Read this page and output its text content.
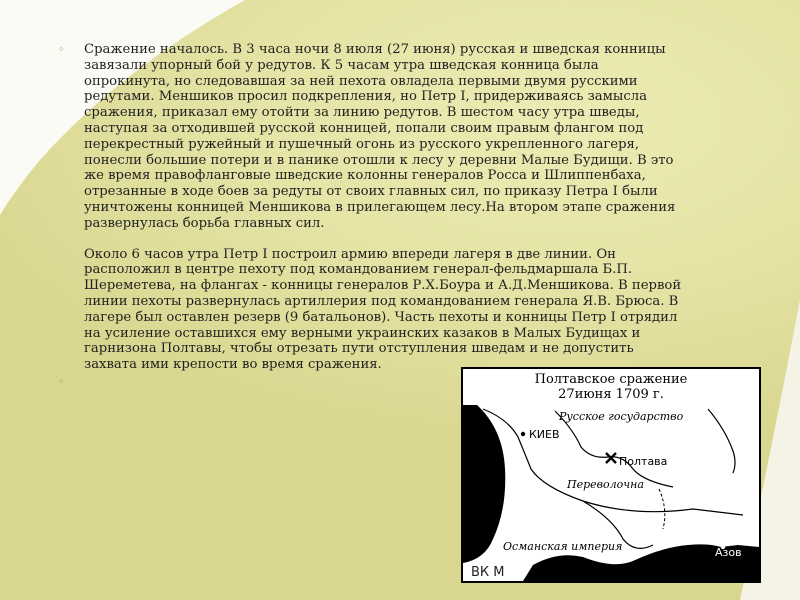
◦ Сражение началось. В 3 часа ночи 8 июля (27 июня) русская и шведская конницы завязали упорный бой у редутов. К 5 часам утра шведская конница была опрокинута, но следовавшая за ней пехота овладела первыми двумя русскими редутами. Меншиков просил подкрепления, но Петр I, придерживаясь замысла сражения, приказал ему отойти за линию редутов. В шестом часу утра шведы, наступая за отходившей русской конницей, попали своим правым флангом под перекрестный ружейный и пушечный огонь из русского укрепленного лагеря, понесли большие потери и в панике отошли к лесу у деревни Малые Будищи. В это же время правофланговые шведские колонны генералов Росса и Шлиппенбаха, отрезанные в ходе боев за редуты от своих главных сил, по приказу Петра I были уничтожены конницей Меншикова в прилегающем лесу.На втором этапе сражения развернулась борьба главных сил.

Около 6 часов утра Петр I построил армию впереди лагеря в две линии. Он расположил в центре пехоту под командованием генерал-фельдмаршала Б.П. Шереметева, на флангах - конницы генералов Р.Х.Боура и А.Д.Меншикова. В первой линии пехоты развернулась артиллерия под командованием генерала Я.В. Брюса. В лагере был оставлен резерв (9 батальонов). Часть пехоты и конницы Петр I отрядил на усиление оставшихся ему верными украинских казаков в Малых Будищах и гарнизона Полтавы, чтобы отрезать пути отступления шведам и не допустить захвата ими крепости во время сражения.

◦	Полтавское сражение
27июня 1709 г.
Русское государство
КИЕВ
Полтава
Переволочна
Османская империя	Азов
ВК М
